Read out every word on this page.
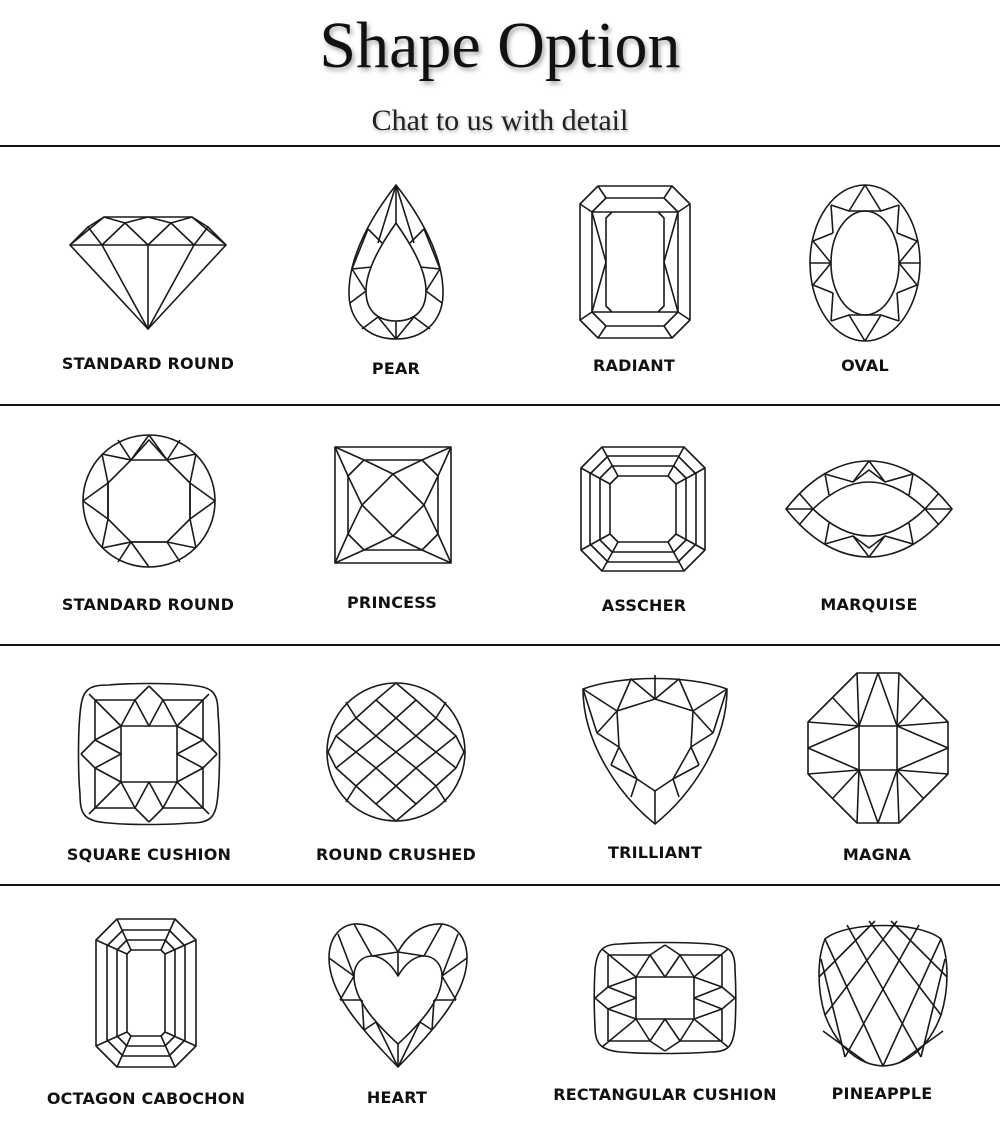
Shape Option
Chat to us with detail
STANDARD ROUND	PEAR	RADIANT	OVAL
STANDARD ROUND	PRINCESS	ASSCHER	MARQUISE
SQUARE CUSHION	ROUND CRUSHED	TRILLIANT	MAGNA
OCTAGON CABOCHON	HEART	RECTANGULAR CUSHION	PINEAPPLE
